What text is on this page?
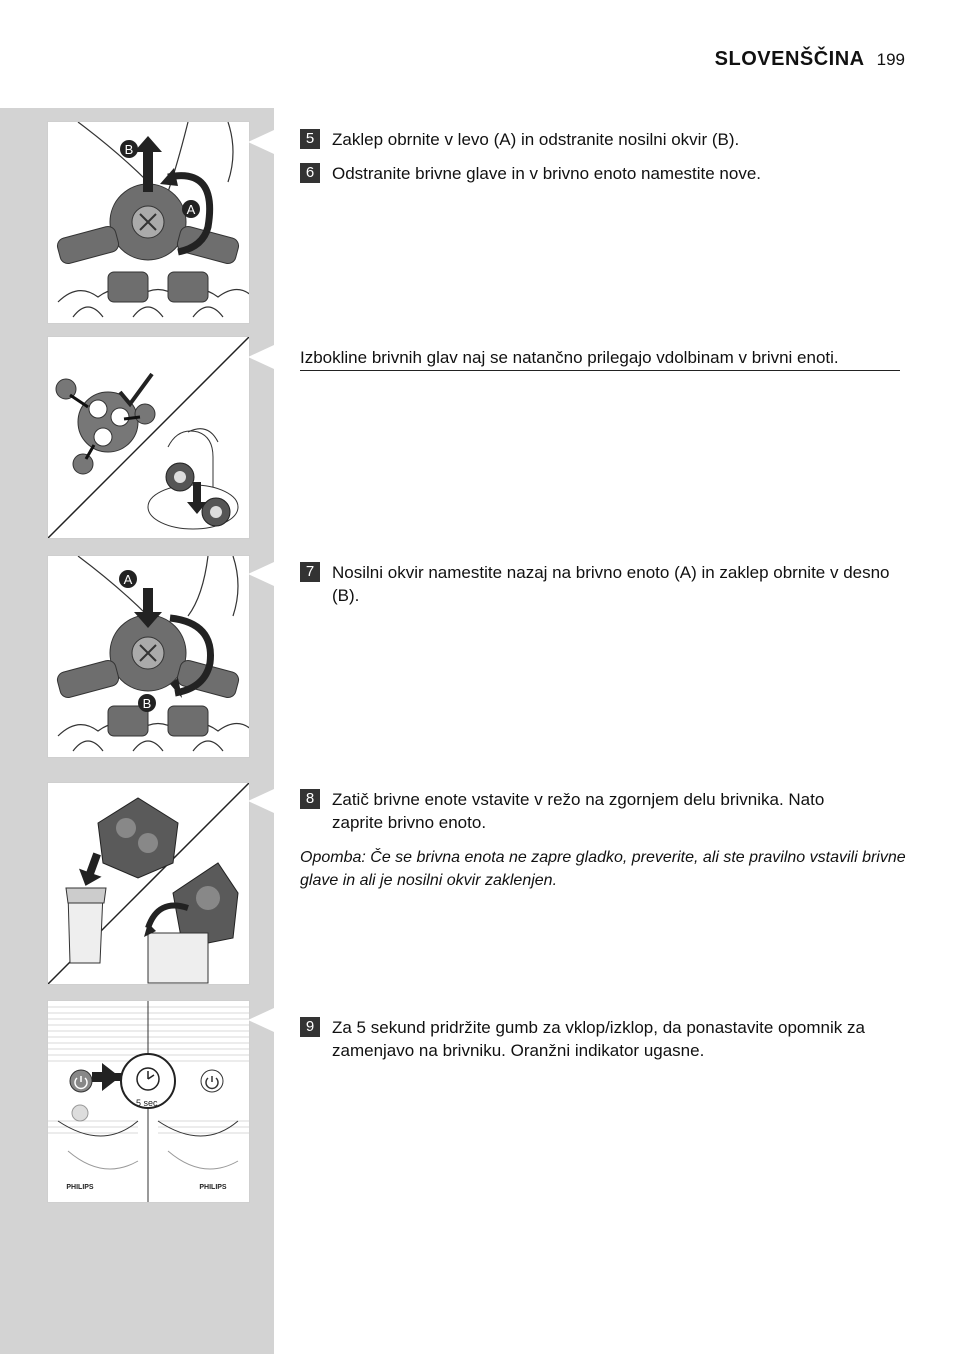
SLOVENŠČINA 199
B
A
A
B
5 sec.
PHILIPS	PHILIPS
5	Zaklep obrnite v levo (A) in odstranite nosilni okvir (B).
6	Odstranite brivne glave in v brivno enoto namestite nove.
Izbokline brivnih glav naj se natančno prilegajo vdolbinam v brivni enoti.
7	Nosilni okvir namestite nazaj na brivno enoto (A) in zaklep obrnite v desno (B).
8	Zatič brivne enote vstavite v režo na zgornjem delu brivnika. Nato zaprite brivno enoto.
Opomba: Če se brivna enota ne zapre gladko, preverite, ali ste pravilno vstavili brivne glave in ali je nosilni okvir zaklenjen.
9	Za 5 sekund pridržite gumb za vklop/izklop, da ponastavite opomnik za zamenjavo na brivniku. Oranžni indikator ugasne.
